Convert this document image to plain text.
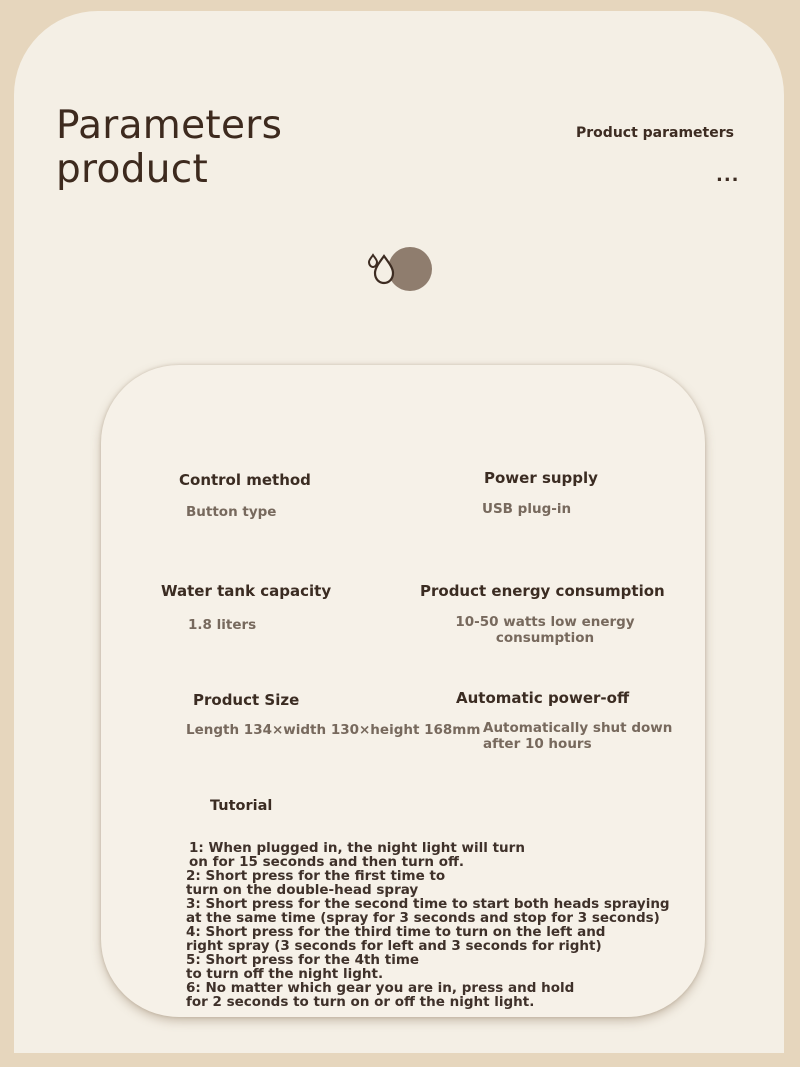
Parameters
product
Product parameters
...
Control method
Button type
Power supply
USB plug-in
Water tank capacity
1.8 liters
Product energy consumption
10-50 watts low energy
consumption
Product Size
Length 134×width 130×height 168mm
Automatic power-off
Automatically shut down
after 10 hours
Tutorial
1: When plugged in, the night light will turn
on for 15 seconds and then turn off.
2: Short press for the first time to
turn on the double-head spray
3: Short press for the second time to start both heads spraying
at the same time (spray for 3 seconds and stop for 3 seconds)
4: Short press for the third time to turn on the left and
right spray (3 seconds for left and 3 seconds for right)
5: Short press for the 4th time
to turn off the night light.
6: No matter which gear you are in, press and hold
for 2 seconds to turn on or off the night light.
